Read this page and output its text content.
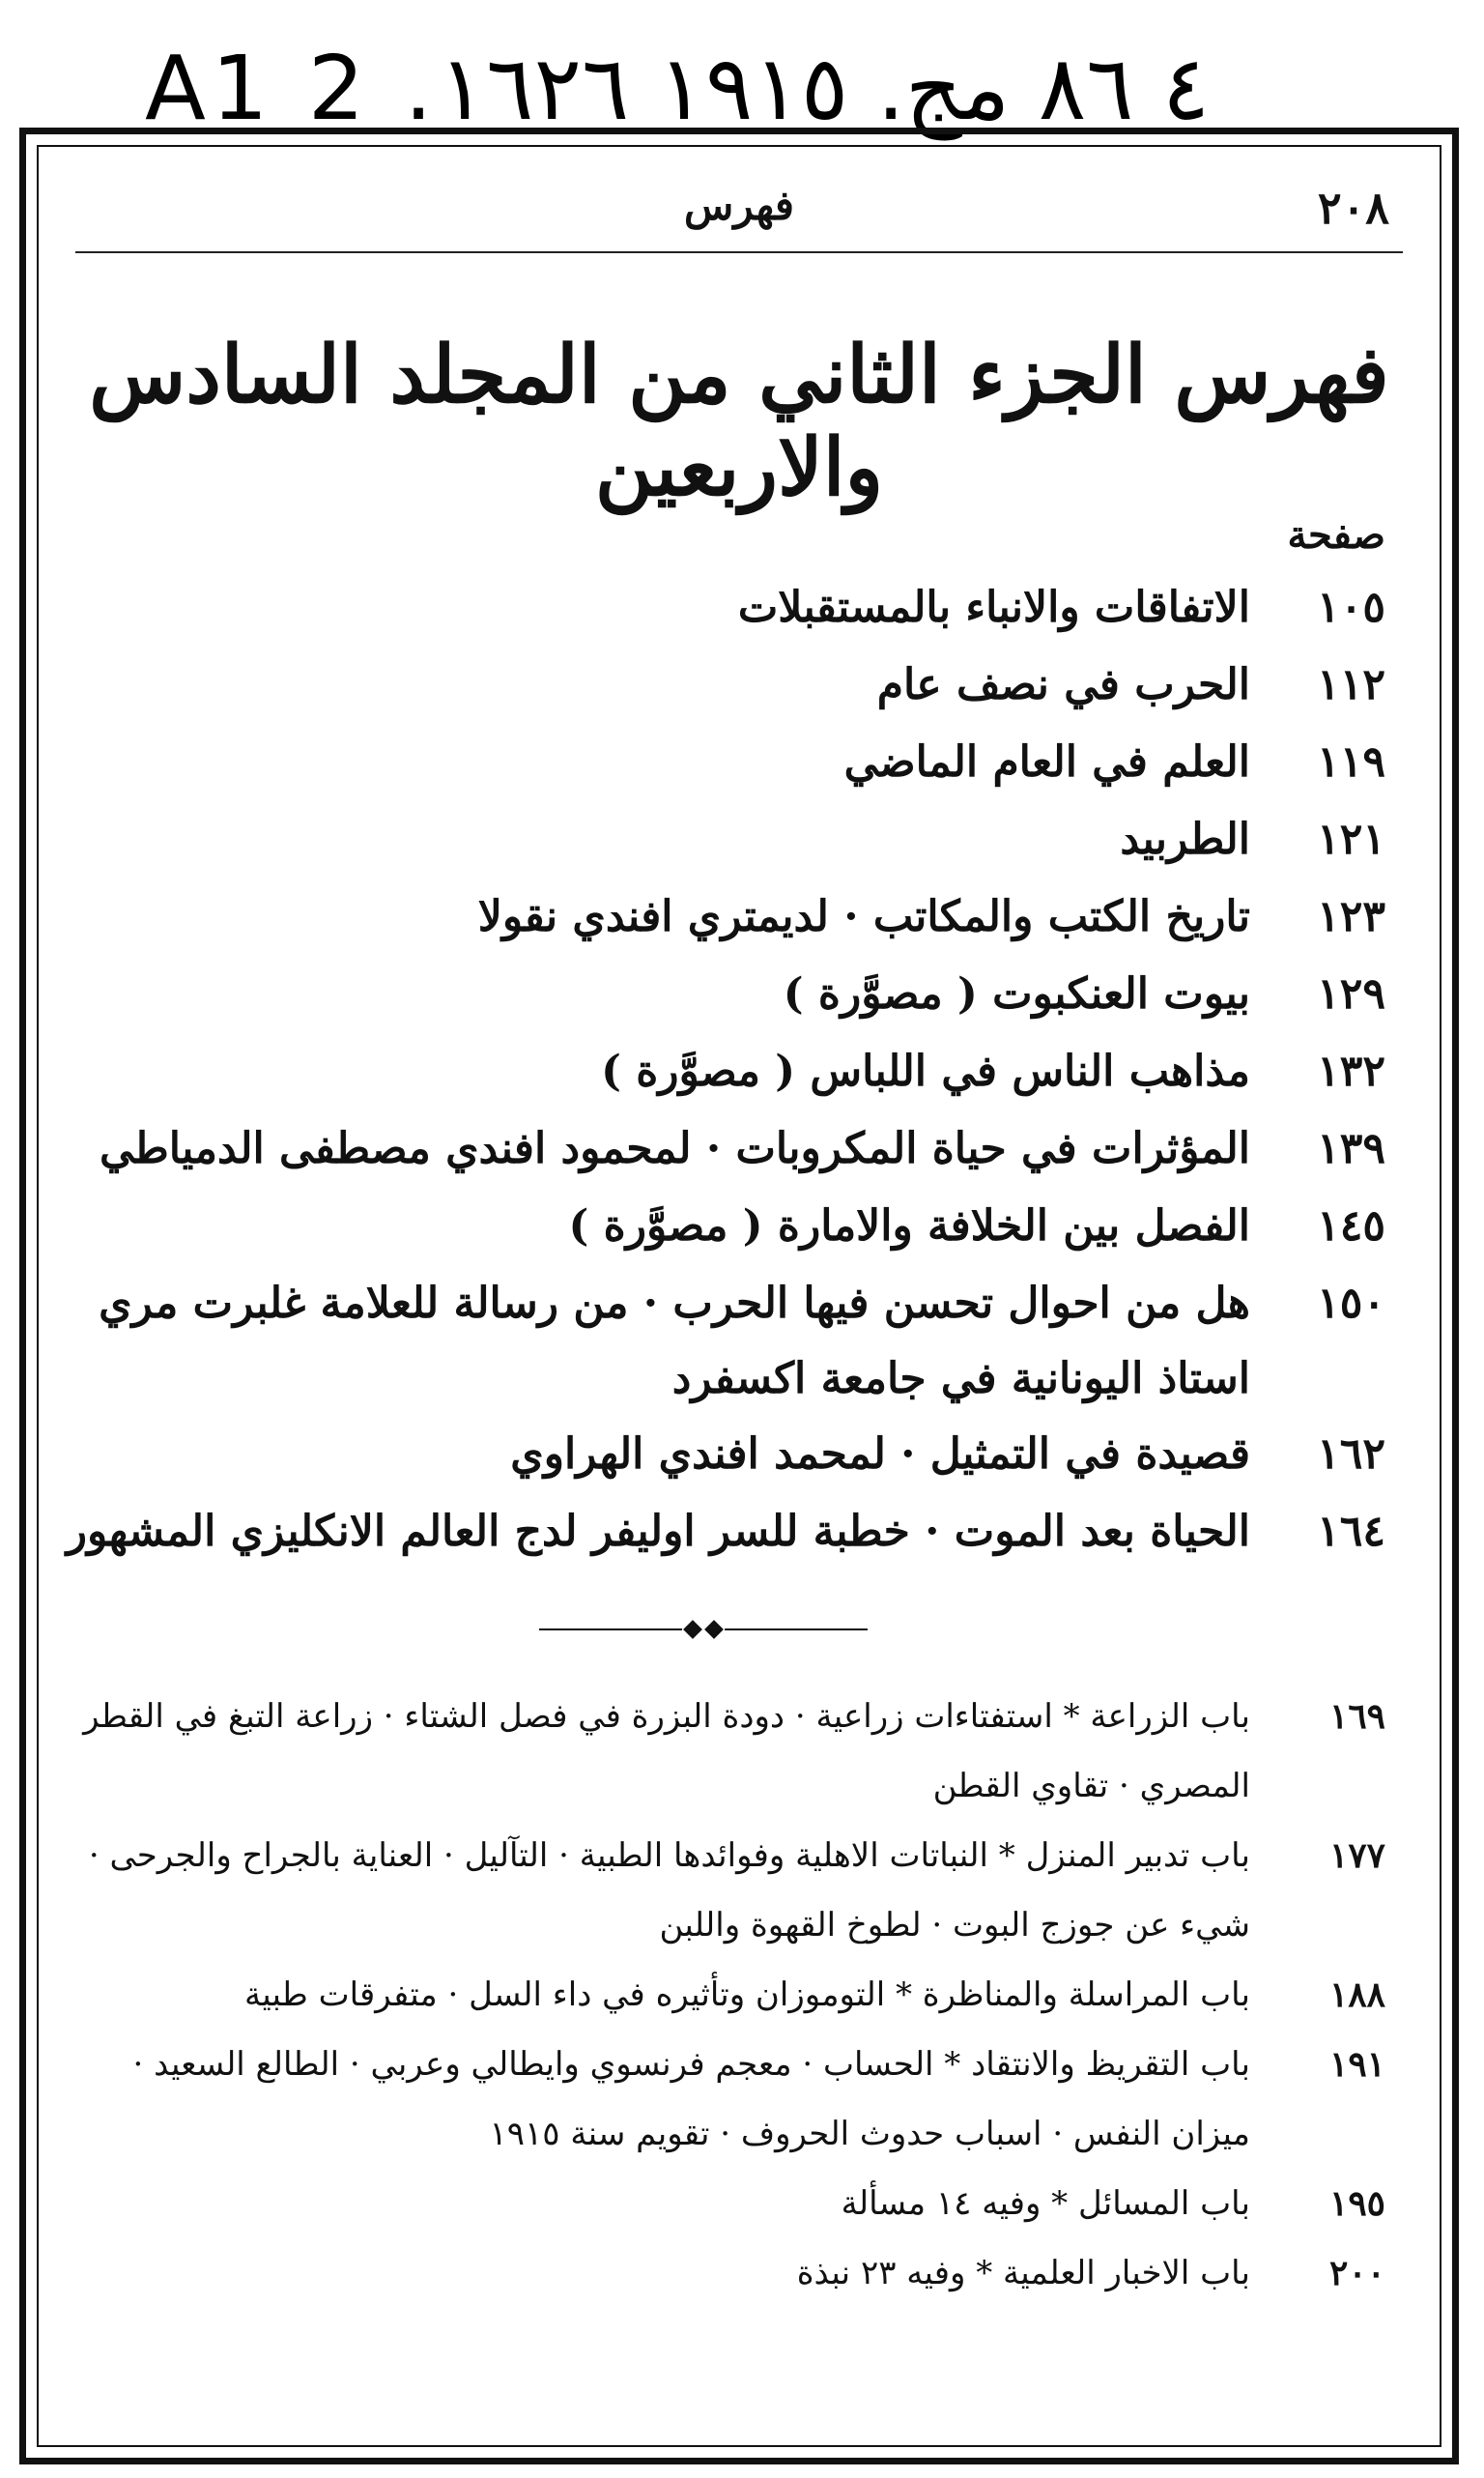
A1 2 .٤ ٨٦ مج. ١٩١٥ ١٦٢٦
٢٠٨
فهرس
فهرس الجزء الثاني من المجلد السادس والاربعين
صفحة
١٠٥
الاتفاقات والانباء بالمستقبلات
١١٢
الحرب في نصف عام
١١٩
العلم في العام الماضي
١٢١
الطربيد
١٢٣
تاريخ الكتب والمكاتب · لديمتري افندي نقولا
١٢٩
بيوت العنكبوت ( مصوَّرة )
١٣٢
مذاهب الناس في اللباس ( مصوَّرة )
١٣٩
المؤثرات في حياة المكروبات · لمحمود افندي مصطفى الدمياطي
١٤٥
الفصل بين الخلافة والامارة ( مصوَّرة )
١٥٠
هل من احوال تحسن فيها الحرب · من رسالة للعلامة غلبرت مري استاذ اليونانية في جامعة اكسفرد
١٦٢
قصيدة في التمثيل · لمحمد افندي الهراوي
١٦٤
الحياة بعد الموت · خطبة للسر اوليفر لدج العالم الانكليزي المشهور
١٦٩
باب الزراعة * استفتاءات زراعية · دودة البزرة في فصل الشتاء · زراعة التبغ في القطر المصري · تقاوي القطن
١٧٧
باب تدبير المنزل * النباتات الاهلية وفوائدها الطبية · التآليل · العناية بالجراح والجرحى · شيء عن جوزج البوت · لطوخ القهوة واللبن
١٨٨
باب المراسلة والمناظرة * التوموزان وتأثيره في داء السل · متفرقات طبية
١٩١
باب التقريظ والانتقاد * الحساب · معجم فرنسوي وايطالي وعربي · الطالع السعيد · ميزان النفس · اسباب حدوث الحروف · تقويم سنة ١٩١٥
١٩٥
باب المسائل * وفيه ١٤ مسألة
٢٠٠
باب الاخبار العلمية * وفيه ٢٣ نبذة
